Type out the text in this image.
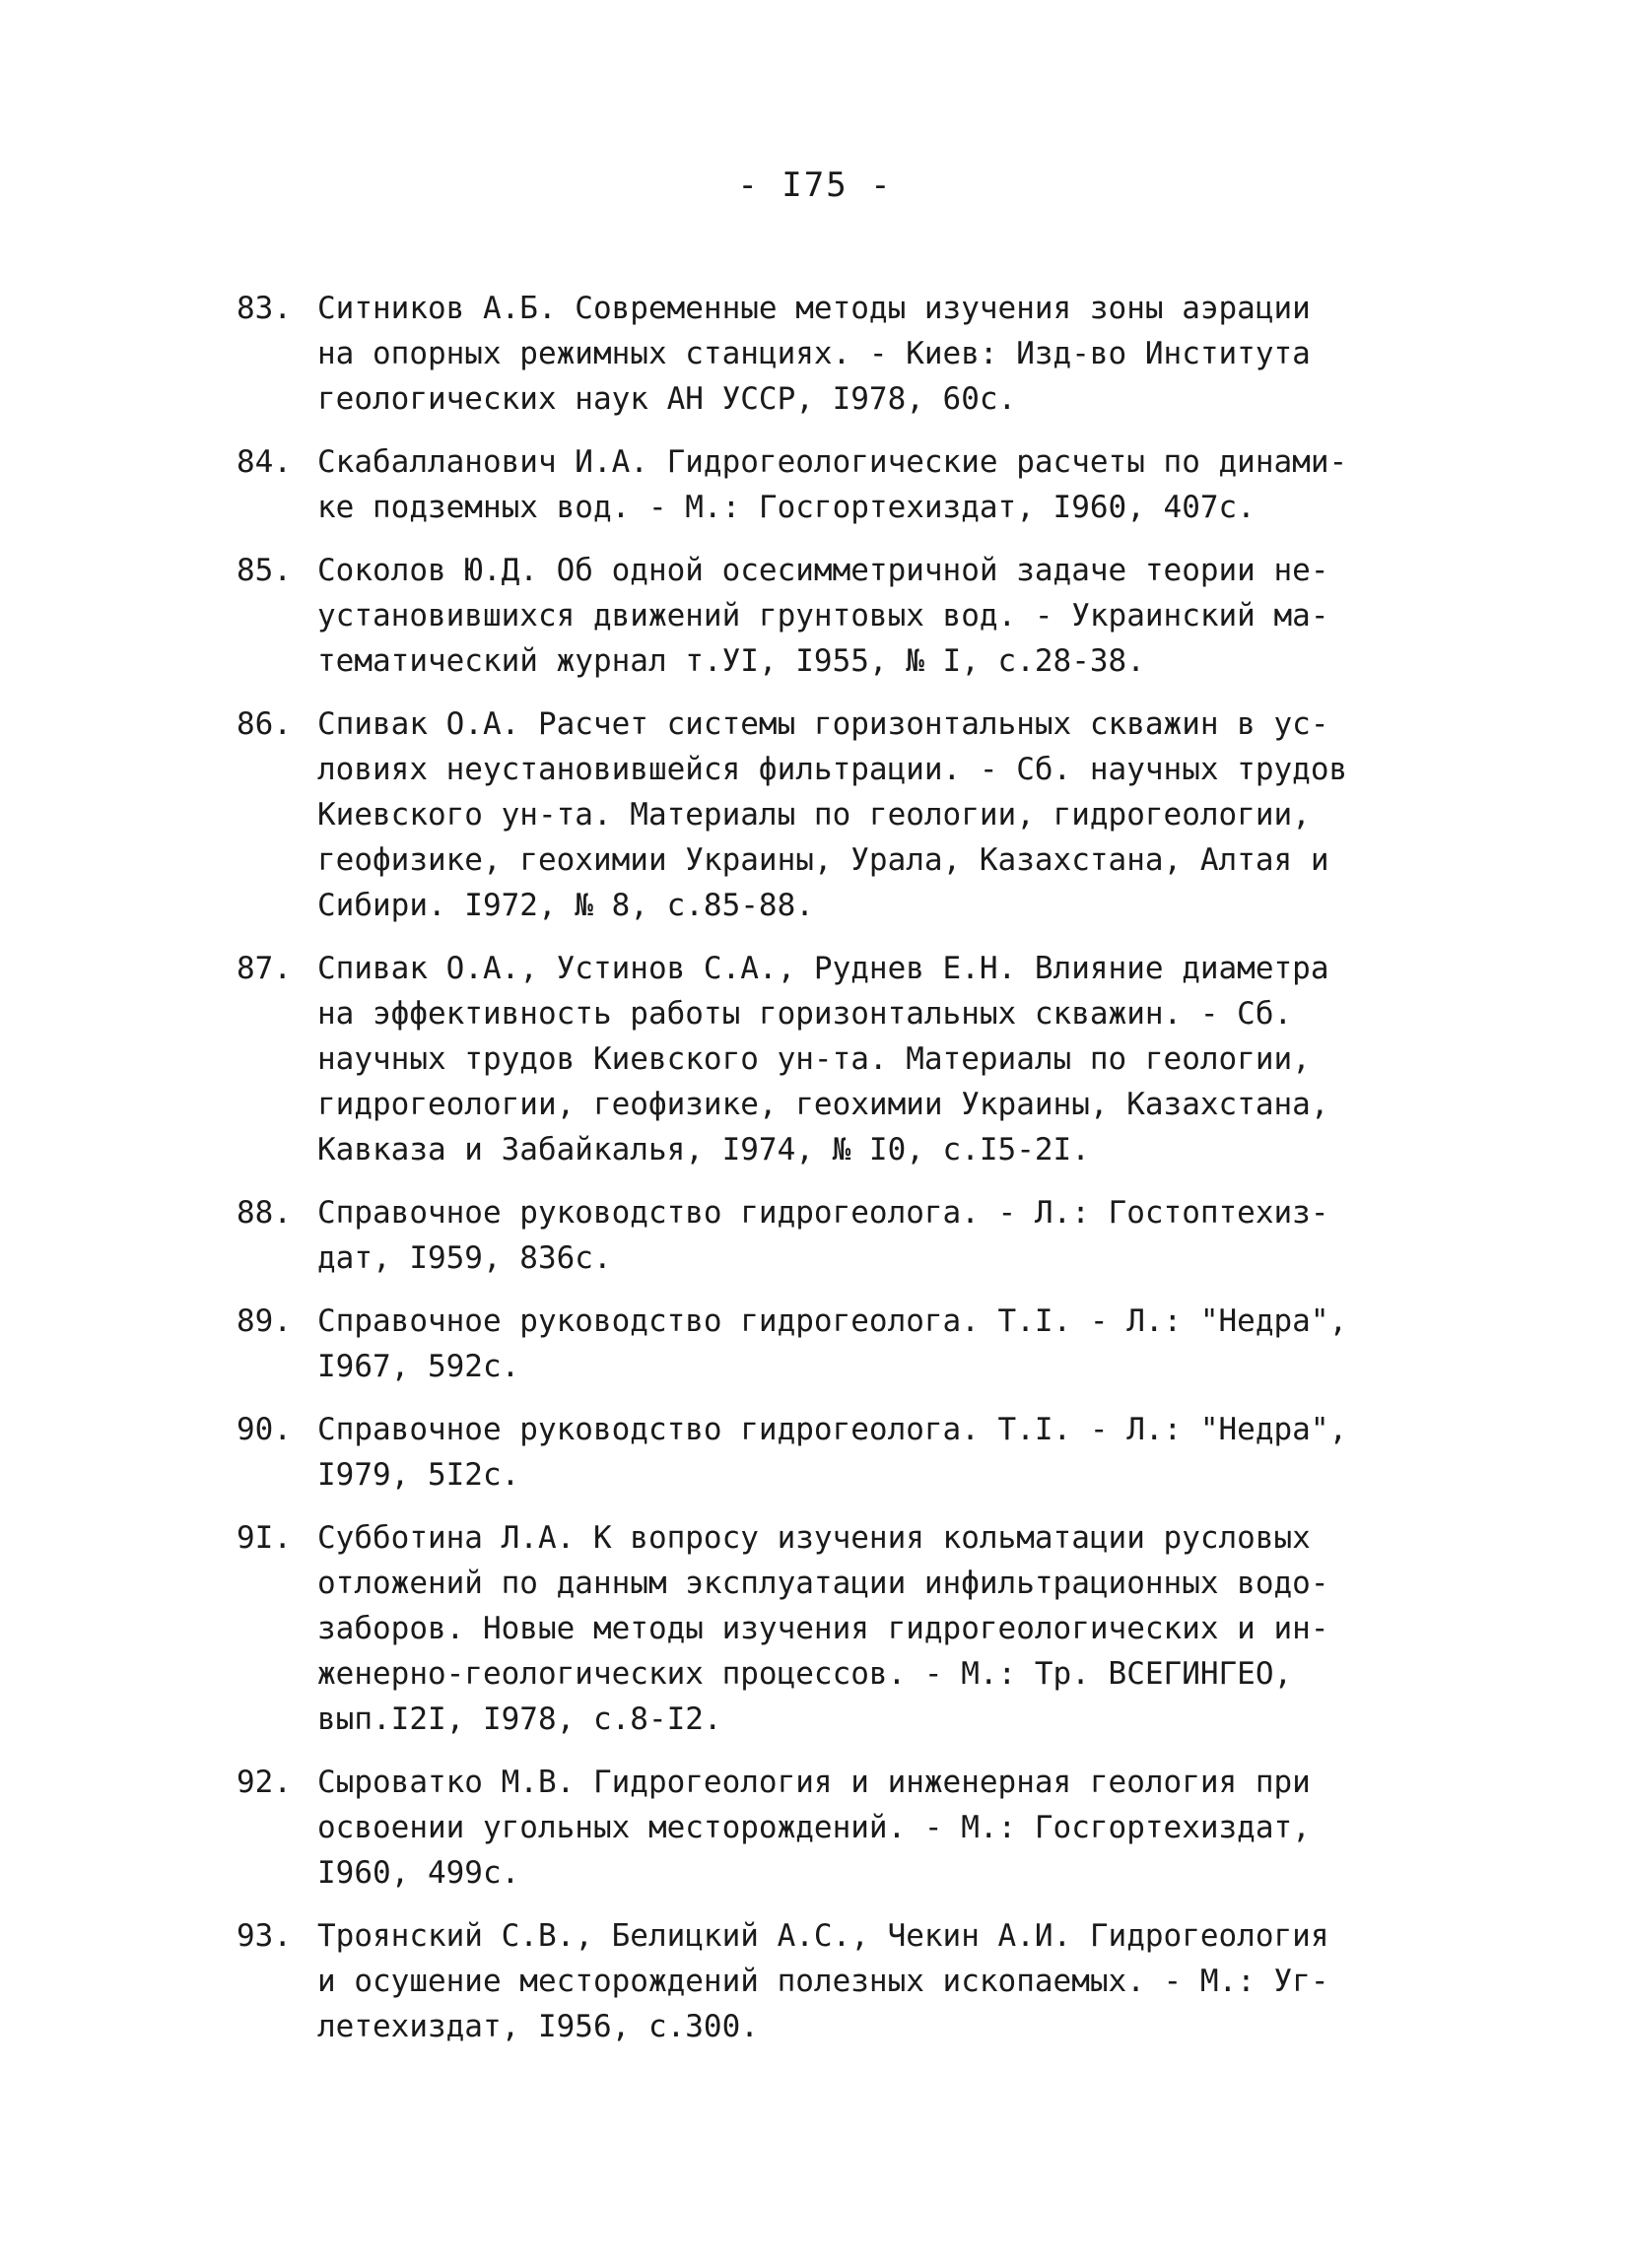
- I75 -
83. Ситников А.Б. Современные методы изучения зоны аэрации
на опорных режимных станциях. - Киев: Изд-во Института
геологических наук АН УССР, I978, 60с.
84. Скабалланович И.А. Гидрогеологические расчеты по динами-
ке подземных вод. - М.: Госгортехиздат, I960, 407с.
85. Соколов Ю.Д. Об одной осесимметричной задаче теории не-
установившихся движений грунтовых вод. - Украинский ма-
тематический журнал т.УI, I955, № I, с.28-38.
86. Спивак О.А. Расчет системы горизонтальных скважин в ус-
ловиях неустановившейся фильтрации. - Сб. научных трудов
Киевского ун-та. Материалы по геологии, гидрогеологии,
геофизике, геохимии Украины, Урала, Казахстана, Алтая и
Сибири. I972, № 8, с.85-88.
87. Спивак О.А., Устинов С.А., Руднев Е.Н. Влияние диаметра
на эффективность работы горизонтальных скважин. - Сб.
научных трудов Киевского ун-та. Материалы по геологии,
гидрогеологии, геофизике, геохимии Украины, Казахстана,
Кавказа и Забайкалья, I974, № I0, с.I5-2I.
88. Справочное руководство гидрогеолога. - Л.: Гостоптехиз-
дат, I959, 836с.
89. Справочное руководство гидрогеолога. Т.I. - Л.: "Недра",
I967, 592с.
90. Справочное руководство гидрогеолога. Т.I. - Л.: "Недра",
I979, 5I2с.
9I. Субботина Л.А. К вопросу изучения кольматации русловых
отложений по данным эксплуатации инфильтрационных водо-
заборов. Новые методы изучения гидрогеологических и ин-
женерно-геологических процессов. - М.: Тр. ВСЕГИНГЕО,
вып.I2I, I978, с.8-I2.
92. Сыроватко М.В. Гидрогеология и инженерная геология при
освоении угольных месторождений. - М.: Госгортехиздат,
I960, 499с.
93. Троянский С.В., Белицкий А.С., Чекин А.И. Гидрогеология
и осушение месторождений полезных ископаемых. - М.: Уг-
летехиздат, I956, с.300.
